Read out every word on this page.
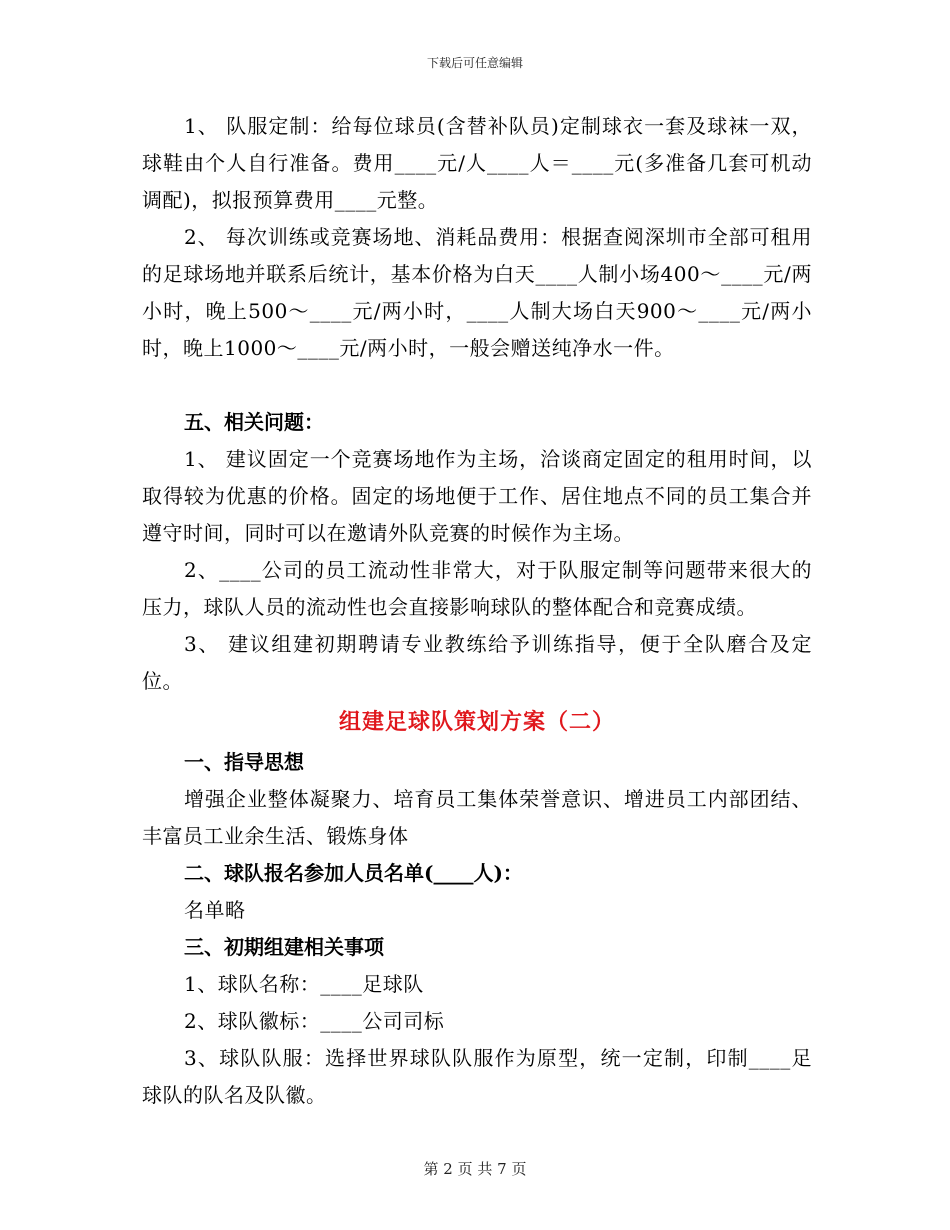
下载后可任意编辑

1、 队服定制：给每位球员(含替补队员)定制球衣一套及球袜一双，球鞋由个人自行准备。费用____元/人____人＝____元(多准备几套可机动调配)，拟报预算费用____元整。

2、 每次训练或竞赛场地、消耗品费用：根据查阅深圳市全部可租用的足球场地并联系后统计，基本价格为白天____人制小场400～____元/两小时，晚上500～____元/两小时，____人制大场白天900～____元/两小时，晚上1000～____元/两小时，一般会赠送纯净水一件。

五、相关问题：

1、 建议固定一个竞赛场地作为主场，洽谈商定固定的租用时间，以取得较为优惠的价格。固定的场地便于工作、居住地点不同的员工集合并遵守时间，同时可以在邀请外队竞赛的时候作为主场。

2、____公司的员工流动性非常大，对于队服定制等问题带来很大的压力，球队人员的流动性也会直接影响球队的整体配合和竞赛成绩。

3、 建议组建初期聘请专业教练给予训练指导，便于全队磨合及定位。

组建足球队策划方案（二）

一、指导思想

增强企业整体凝聚力、培育员工集体荣誉意识、增进员工内部团结、丰富员工业余生活、锻炼身体

二、球队报名参加人员名单(____人)：

名单略

三、初期组建相关事项

1、球队名称：____足球队

2、球队徽标：____公司司标

3、球队队服：选择世界球队队服作为原型，统一定制，印制____足球队的队名及队徽。

第 2 页 共 7 页
